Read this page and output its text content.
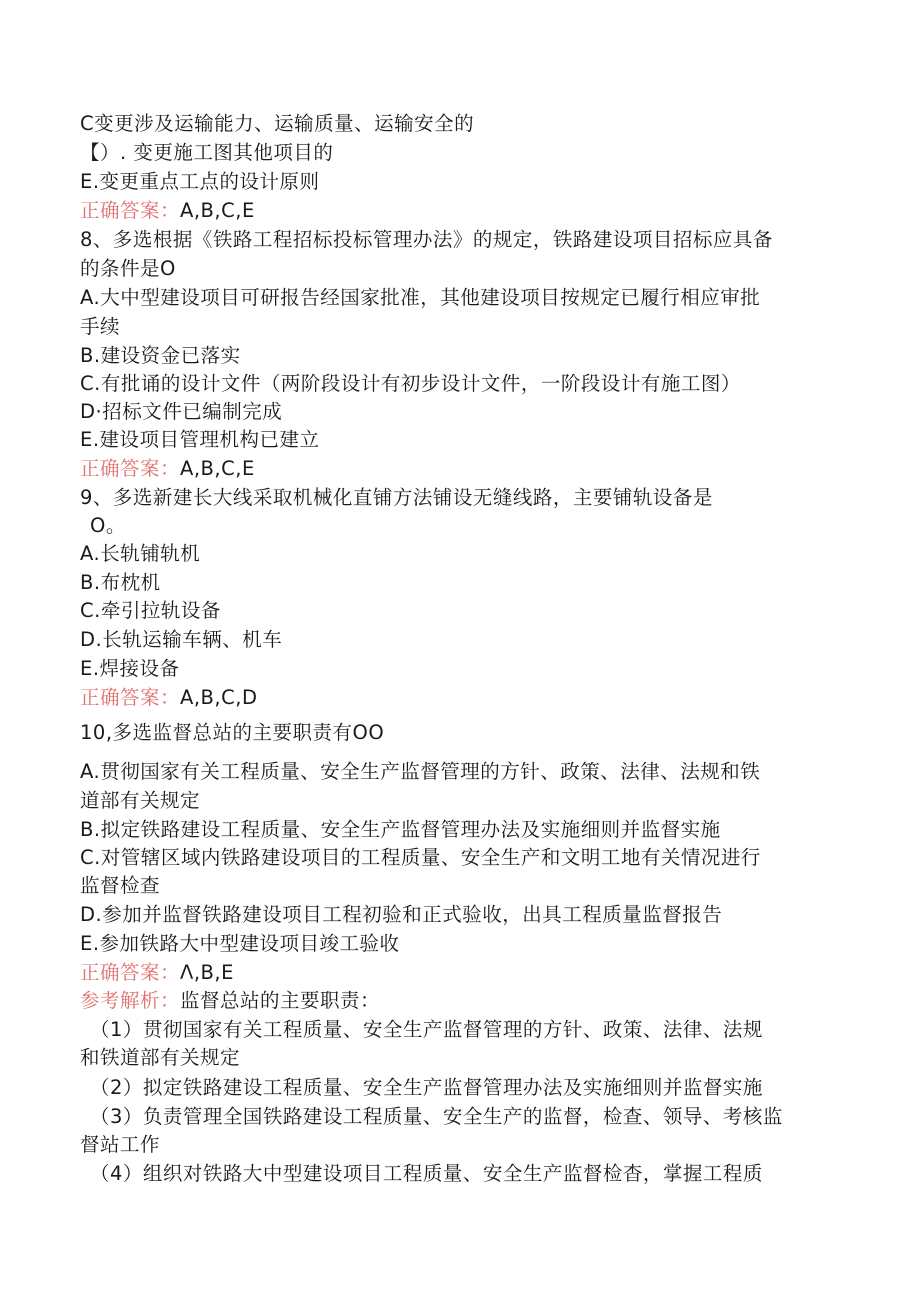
C变更涉及运输能力、运输质量、运输安全的
【）. 变更施工图其他项目的
E.变更重点工点的设计原则
正确答案：A,B,C,E
8、多选根据《铁路工程招标投标管理办法》的规定，铁路建设项目招标应具备
的条件是O
A.大中型建设项目可研报告经国家批准，其他建设项目按规定已履行相应审批
手续
B.建设资金已落实
C.有批诵的设计文件（两阶段设计有初步设计文件，一阶段设计有施工图）
D·招标文件已编制完成
E.建设项目管理机构已建立
正确答案：A,B,C,E
9、多选新建长大线采取机械化直铺方法铺设无缝线路，主要铺轨设备是
O。
A.长轨铺轨机
B.布枕机
C.牵引拉轨设备
D.长轨运输车辆、机车
E.焊接设备
正确答案：A,B,C,D
10,多选监督总站的主要职责有OO
A.贯彻国家有关工程质量、安全生产监督管理的方针、政策、法律、法规和铁
道部有关规定
B.拟定铁路建设工程质量、安全生产监督管理办法及实施细则并监督实施
C.对管辖区域内铁路建设项目的工程质量、安全生产和文明工地有关情况进行
监督检查
D.参加并监督铁路建设项目工程初验和正式验收，出具工程质量监督报告
E.参加铁路大中型建设项目竣工验收
正确答案：Λ,B,E
参考解析：监督总站的主要职责：
（1）贯彻国家有关工程质量、安全生产监督管理的方针、政策、法律、法规
和铁道部有关规定
（2）拟定铁路建设工程质量、安全生产监督管理办法及实施细则并监督实施
（3）负责管理全国铁路建设工程质量、安全生产的监督，检查、领导、考核监
督站工作
（4）组织对铁路大中型建设项目工程质量、安全生产监督检杳，掌握工程质
